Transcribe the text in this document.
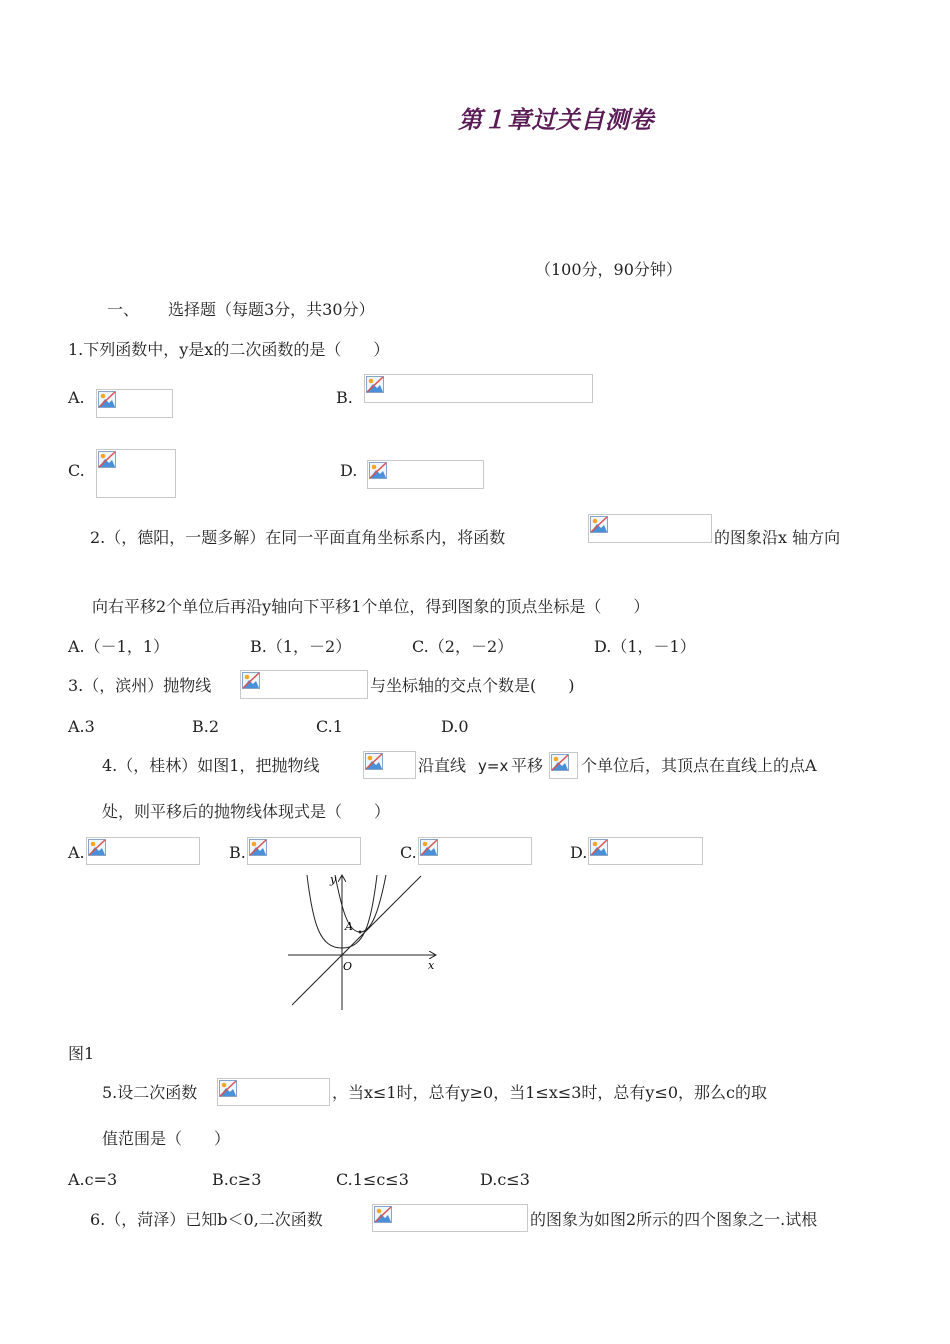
第１章过关自测卷
（100分，90分钟）
一、 选择题（每题3分，共30分）
1.下列函数中，y是x的二次函数的是（　　）
A.	B.
C.	D.
2.（，德阳，一题多解）在同一平面直角坐标系内，将函数	的图象沿x 轴方向
向右平移2个单位后再沿y轴向下平移1个单位，得到图象的顶点坐标是（　　）
A.（－1，1）	B.（1，－2）	C.（2，－2）	D.（1，－1）
3.（，滨州）抛物线	与坐标轴的交点个数是(　　)
A.3	B.2	C.1	D.0
4.（，桂林）如图1，把抛物线	沿直线 y=x 平移 个单位后，其顶点在直线上的点A
处，则平移后的抛物线体现式是（　　）
A.	B.	C.	D.
A
y
x
O
图1
5.设二次函数	，当x≤1时，总有y≥0，当1≤x≤3时，总有y≤0，那么c的取
值范围是（　　）
A.c=3	B.c≥3	C.1≤c≤3	D.c≤3
6.（，菏泽）已知b＜0,二次函数	的图象为如图2所示的四个图象之一.试根
